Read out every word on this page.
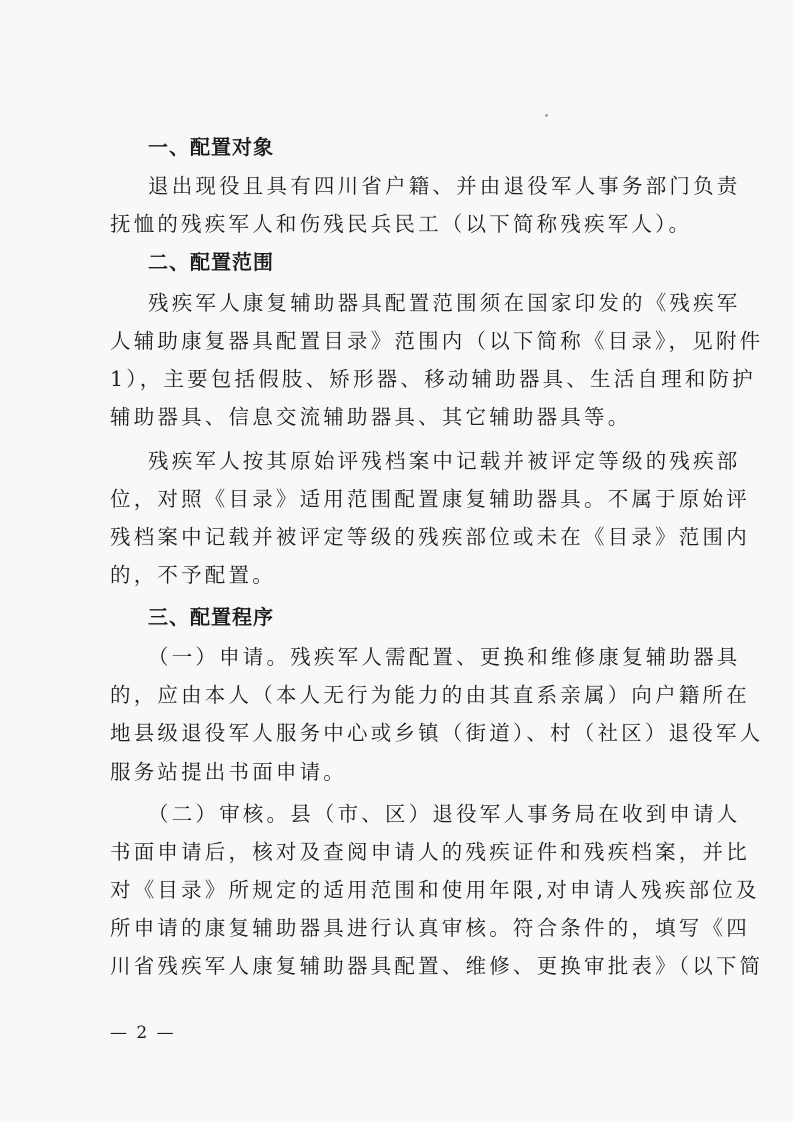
一、配置对象
退出现役且具有四川省户籍、并由退役军人事务部门负责
抚恤的残疾军人和伤残民兵民工（以下简称残疾军人）。
二、配置范围
残疾军人康复辅助器具配置范围须在国家印发的《残疾军
人辅助康复器具配置目录》范围内（以下简称《目录》，见附件
1），主要包括假肢、矫形器、移动辅助器具、生活自理和防护
辅助器具、信息交流辅助器具、其它辅助器具等。
残疾军人按其原始评残档案中记载并被评定等级的残疾部
位，对照《目录》适用范围配置康复辅助器具。不属于原始评
残档案中记载并被评定等级的残疾部位或未在《目录》范围内
的，不予配置。
三、配置程序
（一）申请。残疾军人需配置、更换和维修康复辅助器具
的，应由本人（本人无行为能力的由其直系亲属）向户籍所在
地县级退役军人服务中心或乡镇（街道）、村（社区）退役军人
服务站提出书面申请。
（二）审核。县（市、区）退役军人事务局在收到申请人
书面申请后，核对及查阅申请人的残疾证件和残疾档案，并比
对《目录》所规定的适用范围和使用年限,对申请人残疾部位及
所申请的康复辅助器具进行认真审核。符合条件的，填写《四
川省残疾军人康复辅助器具配置、维修、更换审批表》（以下简
— 2 —
